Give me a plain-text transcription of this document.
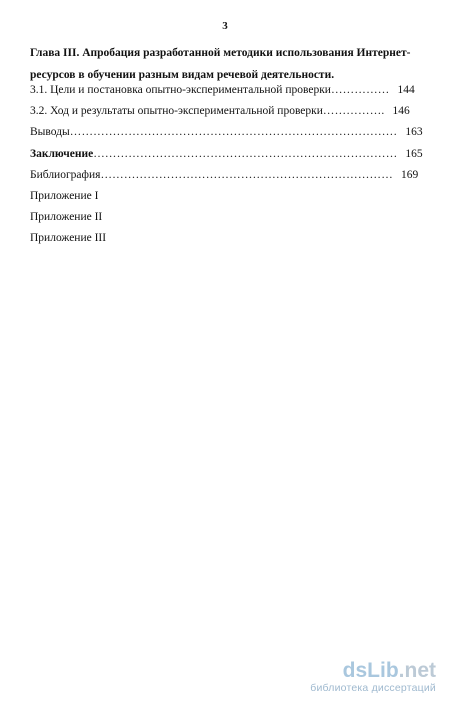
3
Глава III. Апробация разработанной методики использования Интернет-
ресурсов в обучении разным видам речевой деятельности.
3.1. Цели и постановка опытно-экспериментальной проверки…………… 144
3.2. Ход и результаты опытно-экспериментальной проверки……………. 146
Выводы………………………………………………………………………… 163
Заключение…………………………………………………………………… 165
Библиография………………………………………………………………… 169
Приложение I
Приложение II
Приложение III
dsLib.net
библиотека диссертаций
